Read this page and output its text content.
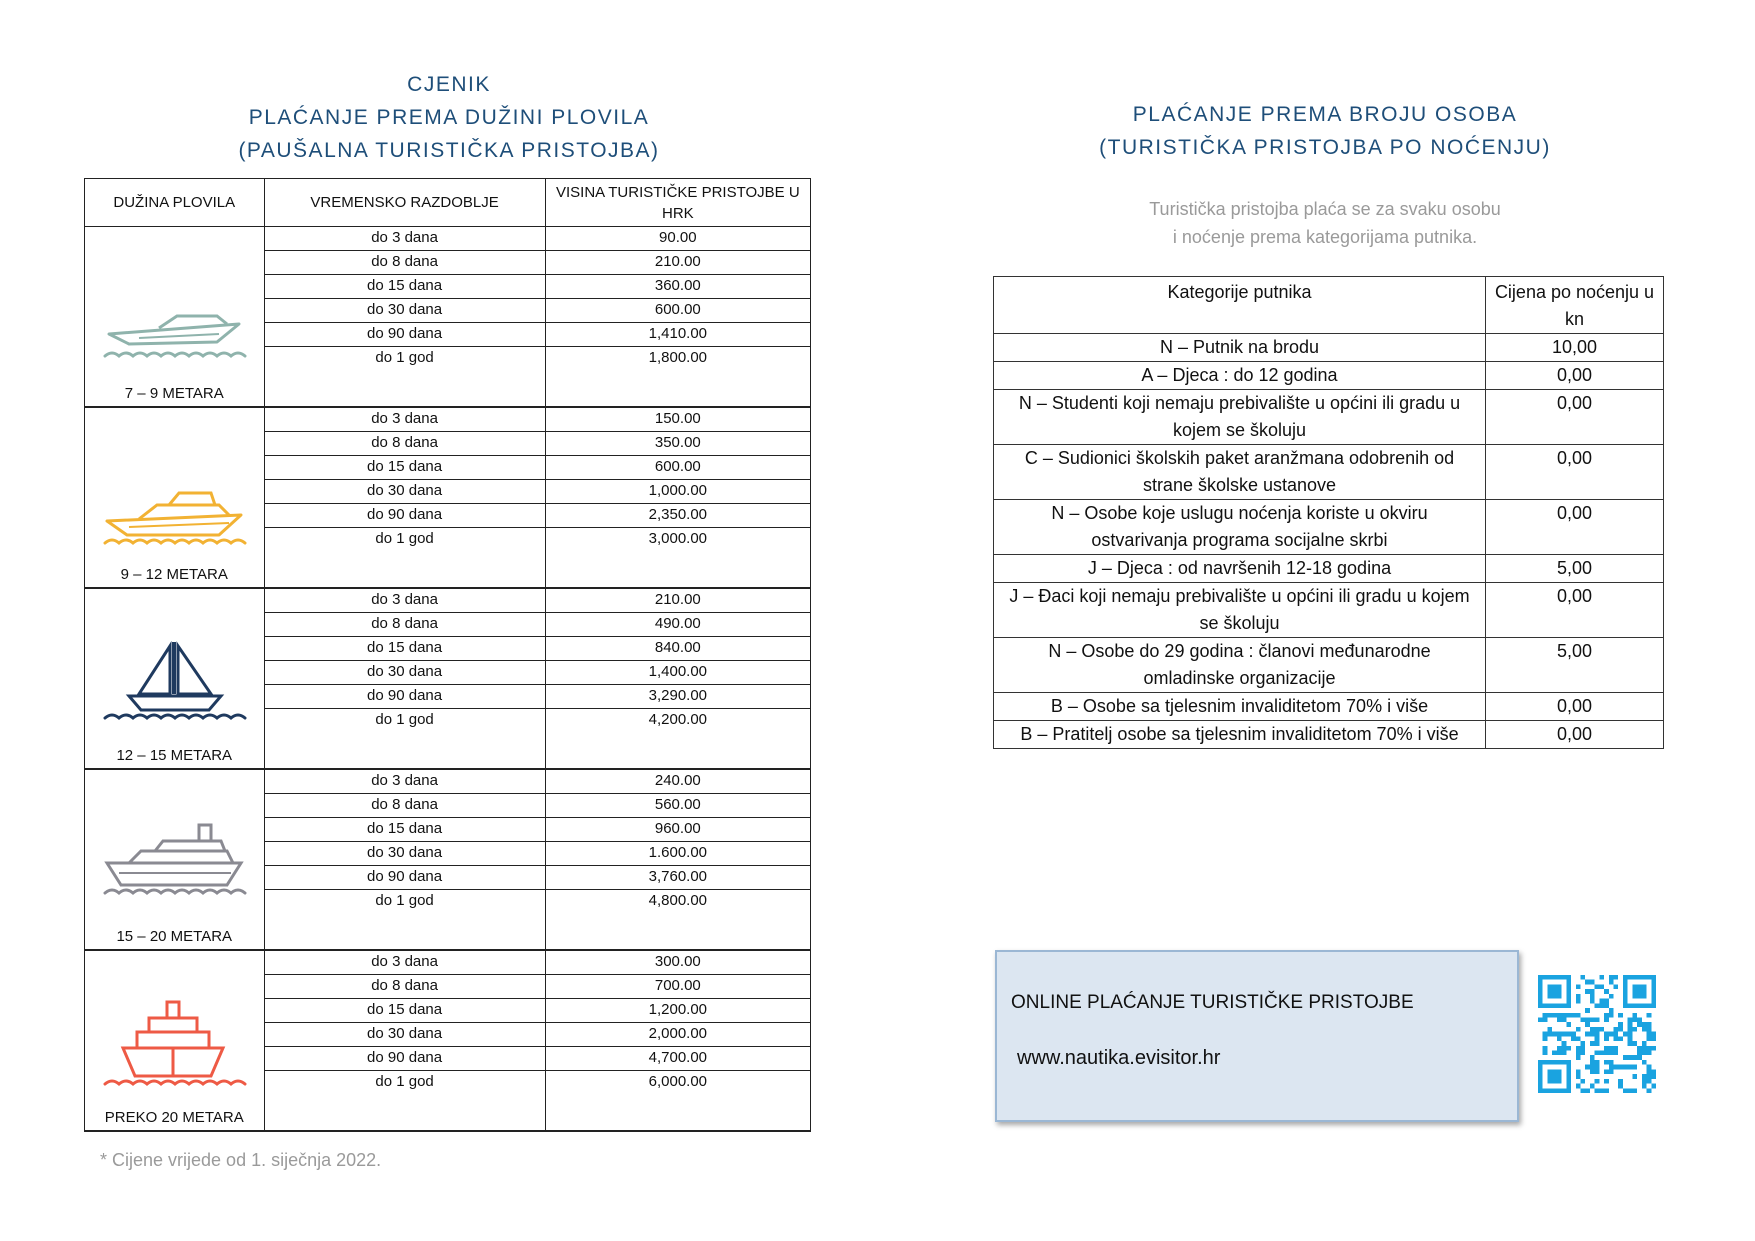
CJENIK
PLAĆANJE PREMA DUŽINI PLOVILA
(PAUŠALNA TURISTIČKA PRISTOJBA)
DUŽINA PLOVILA	VREMENSKO RAZDOBLJE	VISINA TURISTIČKE PRISTOJBE U HRK

7 – 9 METARA	do 3 dana	90.00
	do 8 dana	210.00
	do 15 dana	360.00
	do 30 dana	600.00
	do 90 dana	1,410.00
	do 1 god	1,800.00

9 – 12 METARA	do 3 dana	150.00
	do 8 dana	350.00
	do 15 dana	600.00
	do 30 dana	1,000.00
	do 90 dana	2,350.00
	do 1 god	3,000.00

12 – 15 METARA	do 3 dana	210.00
	do 8 dana	490.00
	do 15 dana	840.00
	do 30 dana	1,400.00
	do 90 dana	3,290.00
	do 1 god	4,200.00

15 – 20 METARA	do 3 dana	240.00
	do 8 dana	560.00
	do 15 dana	960.00
	do 30 dana	1.600.00
	do 90 dana	3,760.00
	do 1 god	4,800.00

PREKO 20 METARA	do 3 dana	300.00
	do 8 dana	700.00
	do 15 dana	1,200.00
	do 30 dana	2,000.00
	do 90 dana	4,700.00
	do 1 god	6,000.00
* Cijene vrijede od 1. siječnja 2022.
PLAĆANJE PREMA BROJU OSOBA
(TURISTIČKA PRISTOJBA PO NOĆENJU)
Turistička pristojba plaća se za svaku osobu
i noćenje prema kategorijama putnika.
Kategorije putnika	Cijena po noćenju u kn
N – Putnik na brodu	10,00
A – Djeca : do 12 godina	0,00
N – Studenti koji nemaju prebivalište u općini ili gradu u kojem se školuju	0,00
C – Sudionici školskih paket aranžmana odobrenih od strane školske ustanove	0,00
N – Osobe koje uslugu noćenja koriste u okviru ostvarivanja programa socijalne skrbi	0,00
J – Djeca : od navršenih 12-18 godina	5,00
J – Đaci koji nemaju prebivalište u općini ili gradu u kojem se školuju	0,00
N – Osobe do 29 godina : članovi međunarodne omladinske organizacije	5,00
B – Osobe sa tjelesnim invaliditetom 70% i više	0,00
B – Pratitelj osobe sa tjelesnim invaliditetom 70% i više	0,00
ONLINE PLAĆANJE TURISTIČKE PRISTOJBE
www.nautika.evisitor.hr
